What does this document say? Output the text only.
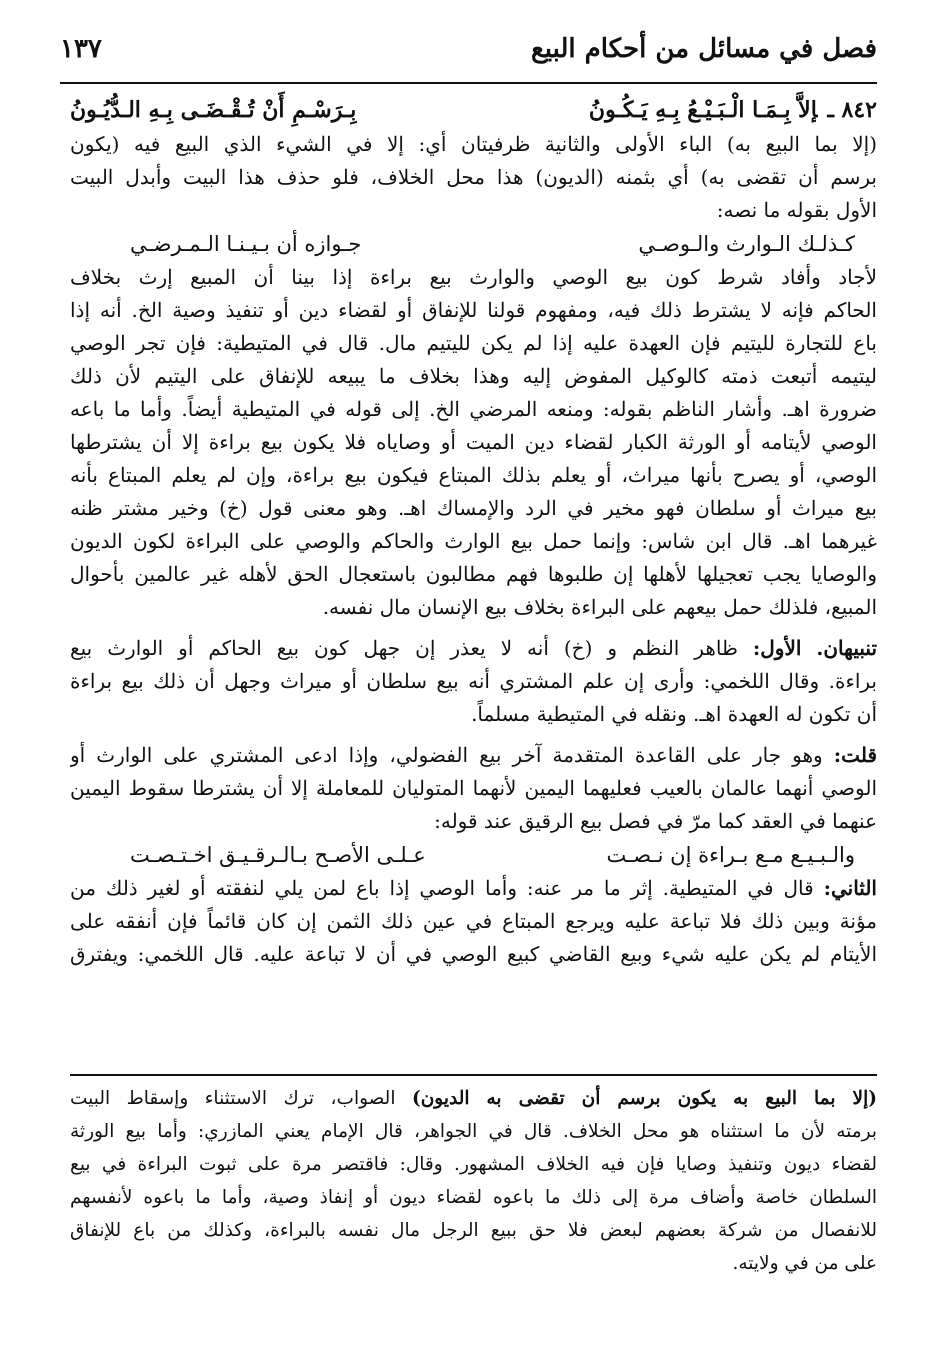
فصل في مسائل من أحكام البيع
١٣٧
٨٤٢ ـإلاَّ بِـمَـا الْـبَـيْـعُ بِـهِ يَـكُـونُ
بِـرَسْـمِ أَنْ تُـقْـضَـى بِـهِ الـدُّيُـونُ
(إلا بما البيع به) الباء الأولى والثانية ظرفيتان أي: إلا في الشيء الذي البيع فيه (يكون
برسم أن تقضى به) أي بثمنه (الديون) هذا محل الخلاف، فلو حذف هذا البيت وأبدل البيت
الأول بقوله ما نصه:
كـذلـك الـوارث والـوصـي
جـوازه أن بـيـنـا الـمـرضـي
لأجاد وأفاد شرط كون بيع الوصي والوارث بيع براءة إذا بينا أن المبيع إرث بخلاف
الحاكم فإنه لا يشترط ذلك فيه، ومفهوم قولنا للإنفاق أو لقضاء دين أو تنفيذ وصية الخ. أنه إذا
باع للتجارة لليتيم فإن العهدة عليه إذا لم يكن لليتيم مال. قال في المتيطية: فإن تجر الوصي
ليتيمه أتبعت ذمته كالوكيل المفوض إليه وهذا بخلاف ما يبيعه للإنفاق على اليتيم لأن ذلك
ضرورة اهـ. وأشار الناظم بقوله: ومنعه المرضي الخ. إلى قوله في المتيطية أيضاً. وأما ما باعه
الوصي لأيتامه أو الورثة الكبار لقضاء دين الميت أو وصاياه فلا يكون بيع براءة إلا أن يشترطها
الوصي، أو يصرح بأنها ميراث، أو يعلم بذلك المبتاع فيكون بيع براءة، وإن لم يعلم المبتاع بأنه
بيع ميراث أو سلطان فهو مخير في الرد والإمساك اهـ. وهو معنى قول (خ) وخير مشتر ظنه
غيرهما اهـ. قال ابن شاس: وإنما حمل بيع الوارث والحاكم والوصي على البراءة لكون الديون
والوصايا يجب تعجيلها لأهلها إن طلبوها فهم مطالبون باستعجال الحق لأهله غير عالمين بأحوال
المبيع، فلذلك حمل بيعهم على البراءة بخلاف بيع الإنسان مال نفسه.
تنبيهان. الأول: ظاهر النظم و (خ) أنه لا يعذر إن جهل كون بيع الحاكم أو الوارث بيع
براءة. وقال اللخمي: وأرى إن علم المشتري أنه بيع سلطان أو ميراث وجهل أن ذلك بيع براءة
أن تكون له العهدة اهـ. ونقله في المتيطية مسلماً.
قلت: وهو جار على القاعدة المتقدمة آخر بيع الفضولي، وإذا ادعى المشتري على الوارث أو
الوصي أنهما عالمان بالعيب فعليهما اليمين لأنهما المتوليان للمعاملة إلا أن يشترطا سقوط اليمين
عنهما في العقد كما مرّ في فصل بيع الرقيق عند قوله:
والـبـيـع مـع بـراءة إن نـصـت
عـلـى الأصـح بـالـرقـيـق اخـتـصـت
الثاني: قال في المتيطية. إثر ما مر عنه: وأما الوصي إذا باع لمن يلي لنفقته أو لغير ذلك من
مؤنة وبين ذلك فلا تباعة عليه ويرجع المبتاع في عين ذلك الثمن إن كان قائماً فإن أنفقه على
الأيتام لم يكن عليه شيء وبيع القاضي كبيع الوصي في أن لا تباعة عليه. قال اللخمي: ويفترق
(إلا بما البيع به يكون برسم أن تقضى به الديون) الصواب، ترك الاستثناء وإسقاط البيت
برمته لأن ما استثناه هو محل الخلاف. قال في الجواهر، قال الإمام يعني المازري: وأما بيع الورثة
لقضاء ديون وتنفيذ وصايا فإن فيه الخلاف المشهور. وقال: فاقتصر مرة على ثبوت البراءة في بيع
السلطان خاصة وأضاف مرة إلى ذلك ما باعوه لقضاء ديون أو إنفاذ وصية، وأما ما باعوه لأنفسهم
للانفصال من شركة بعضهم لبعض فلا حق ببيع الرجل مال نفسه بالبراءة، وكذلك من باع للإنفاق
على من في ولايته.
